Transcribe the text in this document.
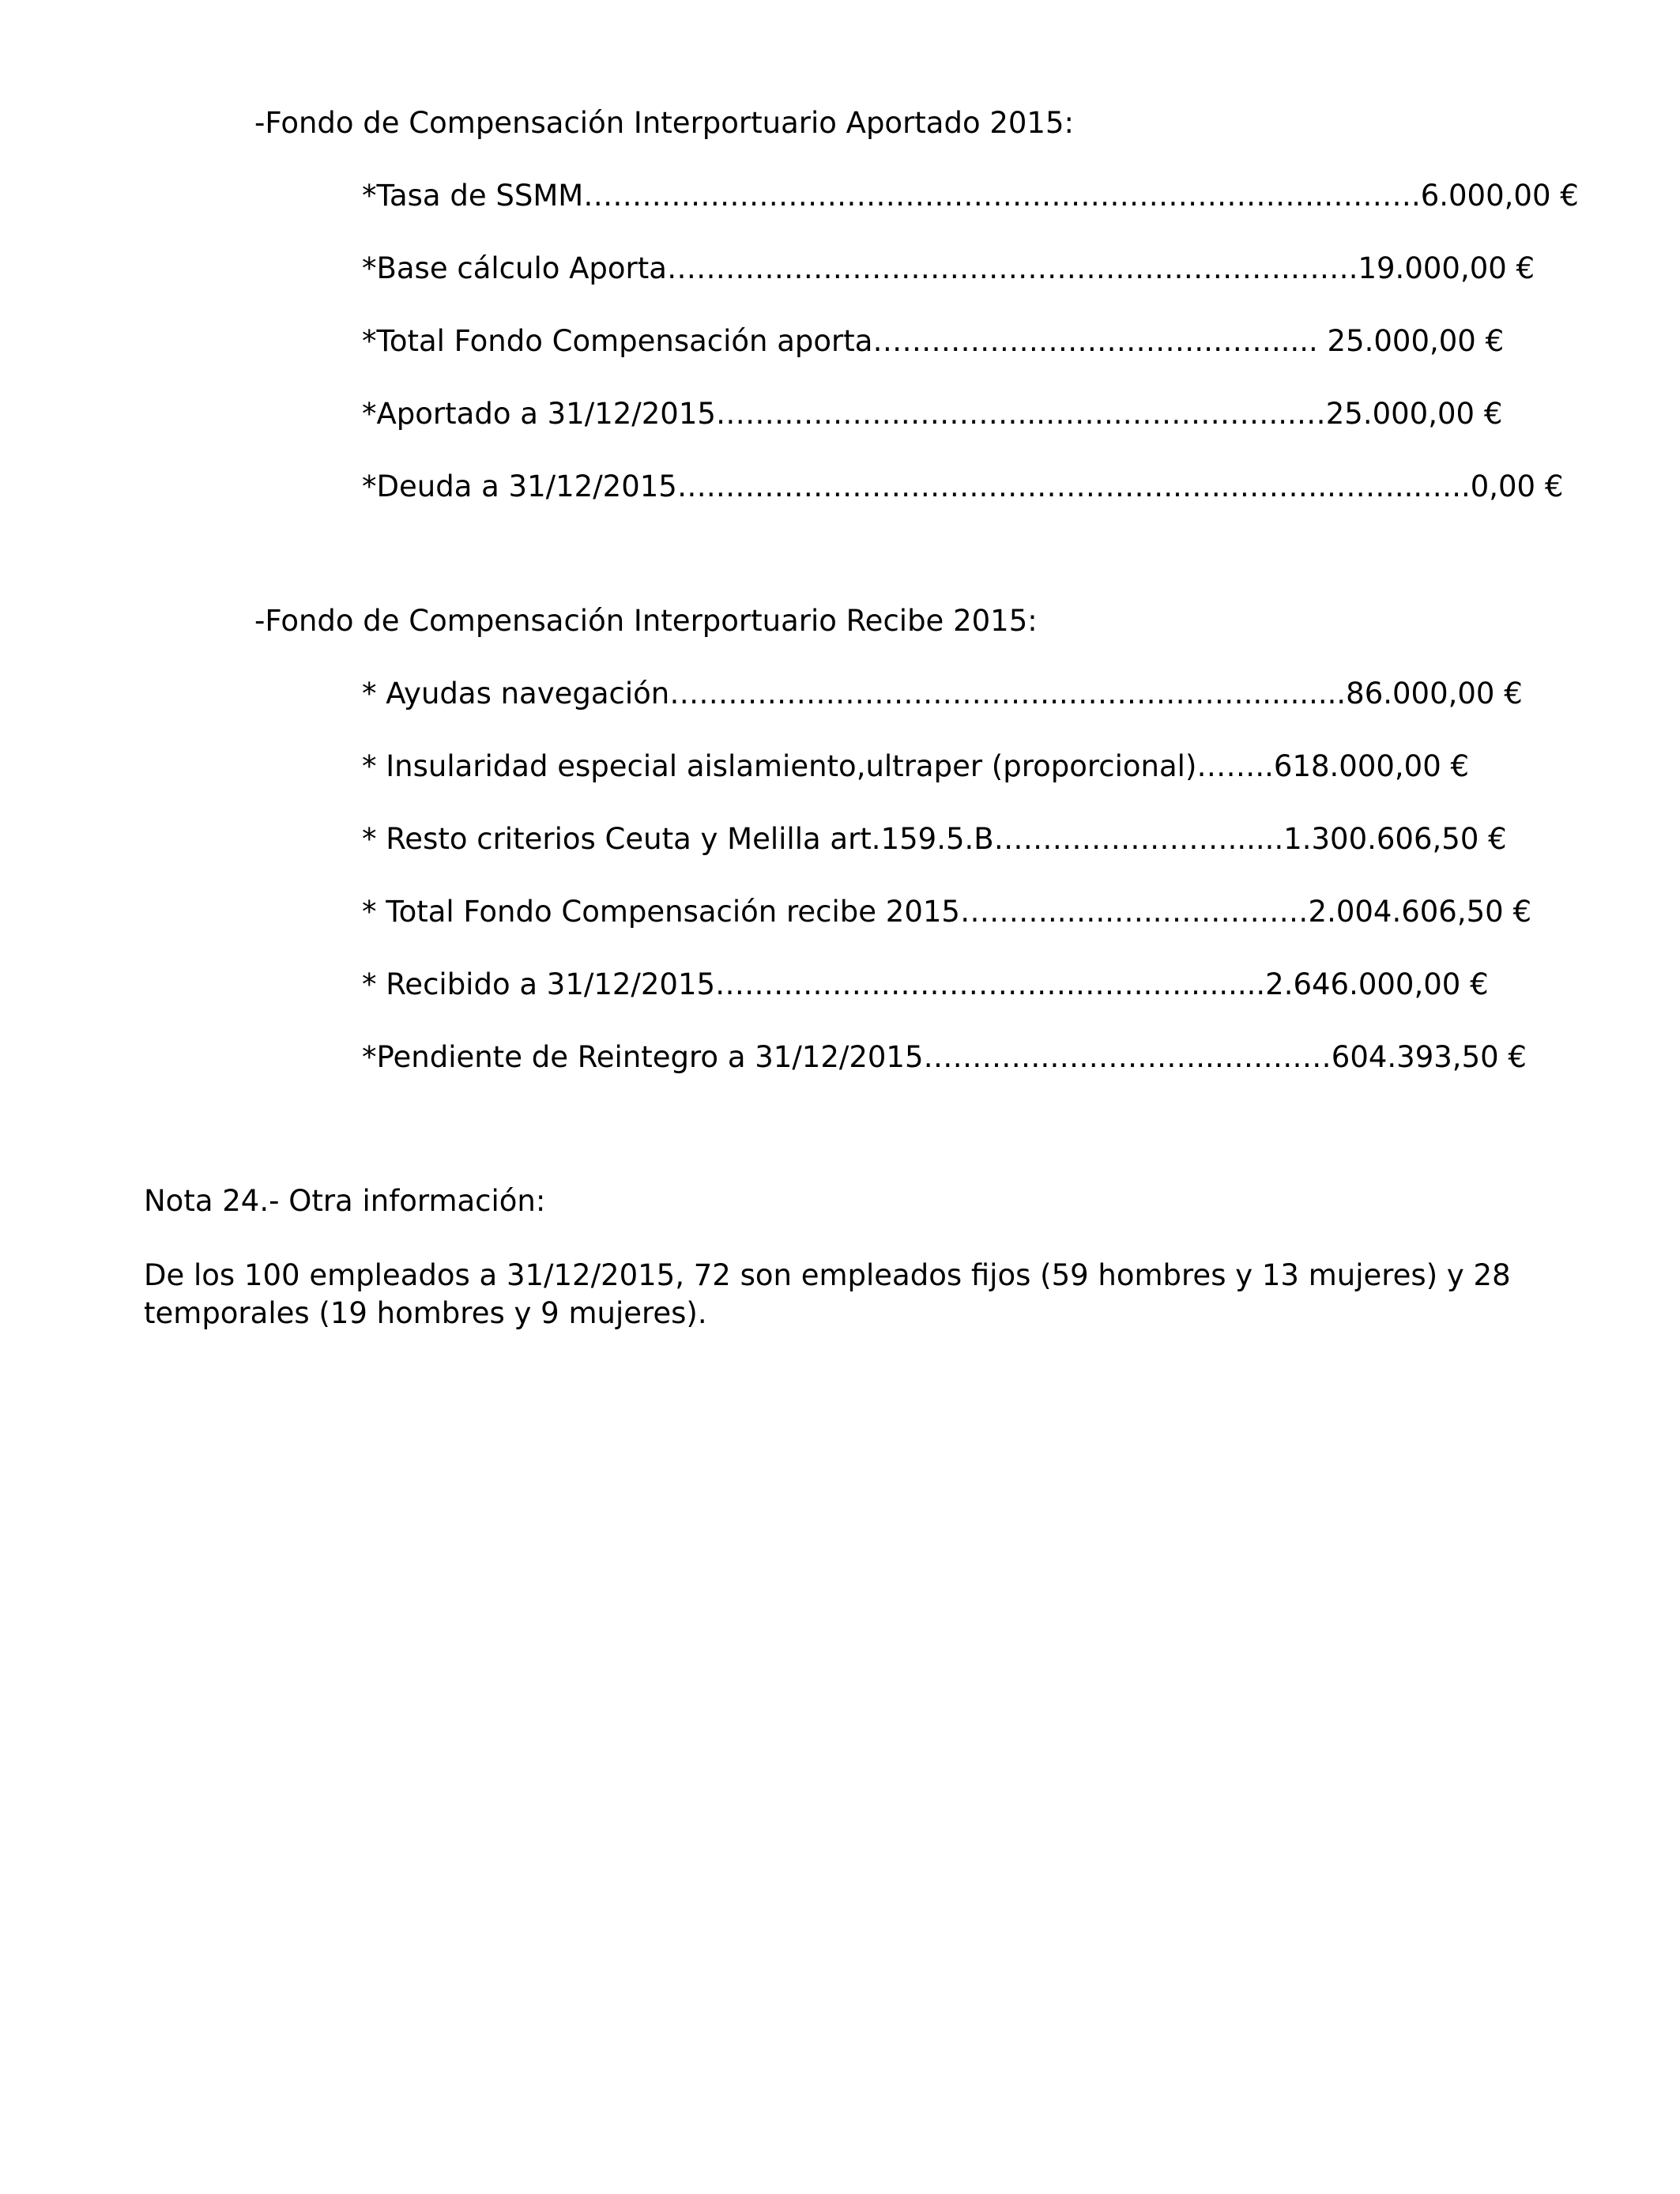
-Fondo de Compensación Interportuario Aportado 2015:
*Tasa de SSMM………………………………………………………………….……….6.000,00 €
*Base cálculo Aporta……………………………………………………….…….19.000,00 €
*Total Fondo Compensación aporta……………………………..……..... 25.000,00 €
*Aportado a 31/12/2015……………….…………...……..……………...…25.000,00 €
*Deuda a 31/12/2015….……………………….………………..…..………..……...…..0,00 €
-Fondo de Compensación Interportuario Recibe 2015:
* Ayudas navegación…………………………………..………………...........86.000,00 €
* Insularidad especial aislamiento,ultraper (proporcional)……..618.000,00 €
* Resto criterios Ceuta y Melilla art.159.5.B……………………......1.300.606,50 €
* Total Fondo Compensación recibe 2015………..…..…..……………2.004.606,50 €
* Recibido a 31/12/2015……………………………….……..….........2.646.000,00 €
*Pendiente de Reintegro a 31/12/2015………….……………..…………604.393,50 €
Nota 24.- Otra información:
De los 100 empleados a 31/12/2015, 72 son empleados fijos (59 hombres y 13 mujeres) y 28 temporales (19 hombres y 9 mujeres).
